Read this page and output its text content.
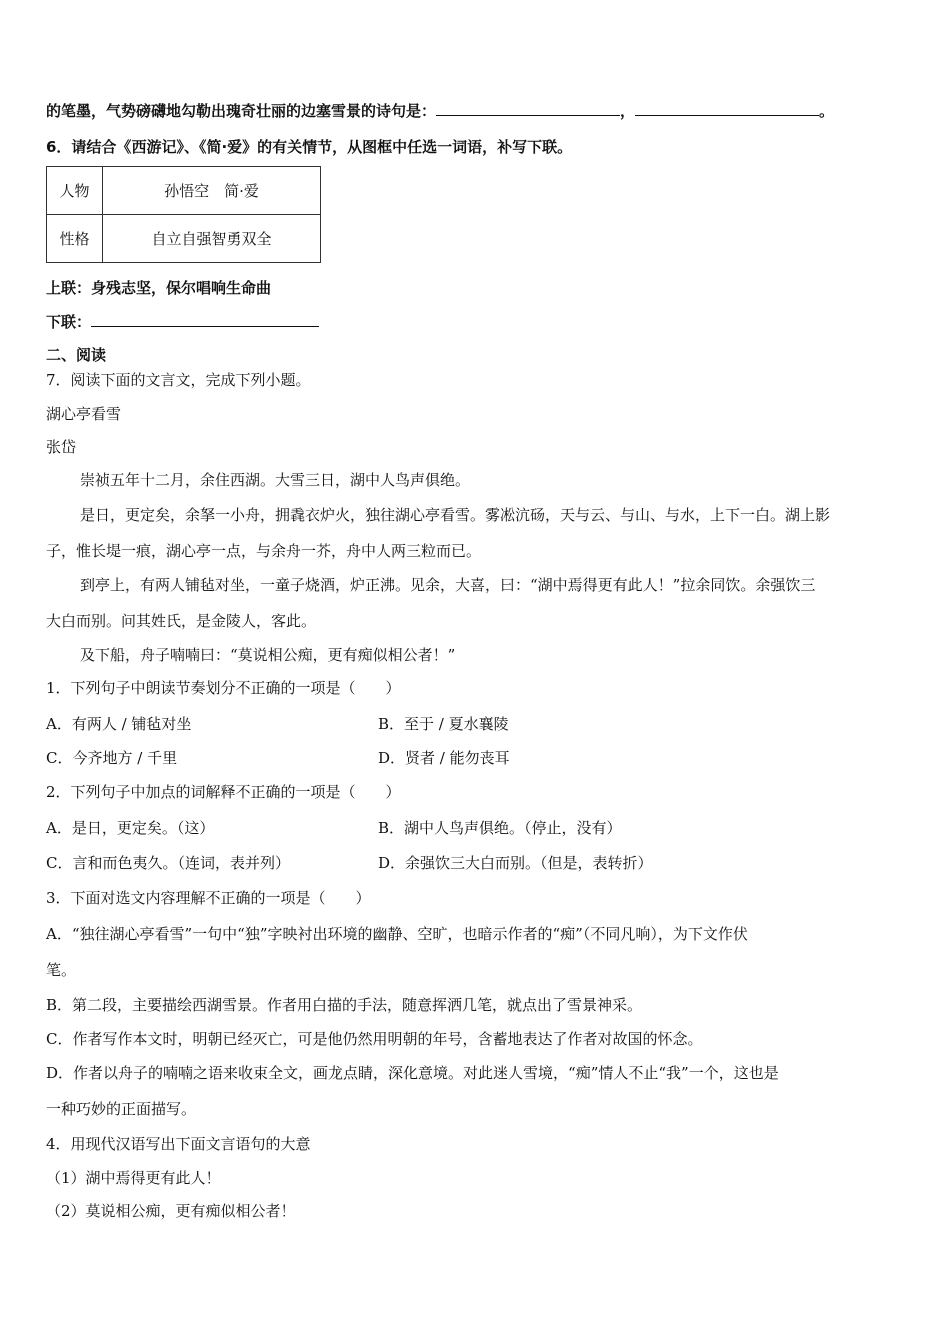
的笔墨，气势磅礴地勾勒出瑰奇壮丽的边塞雪景的诗句是：	，	。
6．请结合《西游记》、《简·爱》的有关情节，从图框中任选一词语，补写下联。
人物	孙悟空　简·爱
性格	自立自强智勇双全
上联：身残志坚，保尔唱响生命曲
下联：
二、阅读
7．阅读下面的文言文，完成下列小题。
湖心亭看雪
张岱
崇祯五年十二月，余住西湖。大雪三日，湖中人鸟声俱绝。
是日，更定矣，余拏一小舟，拥毳衣炉火，独往湖心亭看雪。雾凇沆砀，天与云、与山、与水，上下一白。湖上影
子，惟长堤一痕，湖心亭一点，与余舟一芥，舟中人两三粒而已。
到亭上，有两人铺毡对坐，一童子烧酒，炉正沸。见余，大喜，曰：“湖中焉得更有此人！”拉余同饮。余强饮三
大白而别。问其姓氏，是金陵人，客此。
及下船，舟子喃喃曰：“莫说相公痴，更有痴似相公者！”
1．下列句子中朗读节奏划分不正确的一项是（　　）
A．有两人 / 铺毡对坐	B．至于 / 夏水襄陵
C．今齐地方 / 千里	D．贤者 / 能勿丧耳
2．下列句子中加点的词解释不正确的一项是（　　）
A．是日，更定矣。（这）	B．湖中人鸟声俱绝。（停止，没有）
C．言和而色夷久。（连词，表并列）	D．余强饮三大白而别。（但是，表转折）
3．下面对选文内容理解不正确的一项是（　　）
A．“独往湖心亭看雪”一句中“独”字映衬出环境的幽静、空旷，也暗示作者的“痴”（不同凡响），为下文作伏
笔。
B．第二段，主要描绘西湖雪景。作者用白描的手法，随意挥洒几笔，就点出了雪景神采。
C．作者写作本文时，明朝已经灭亡，可是他仍然用明朝的年号，含蓄地表达了作者对故国的怀念。
D．作者以舟子的喃喃之语来收束全文，画龙点睛，深化意境。对此迷人雪境，“痴”情人不止“我”一个，这也是
一种巧妙的正面描写。
4．用现代汉语写出下面文言语句的大意
（1）湖中焉得更有此人！
（2）莫说相公痴，更有痴似相公者！
